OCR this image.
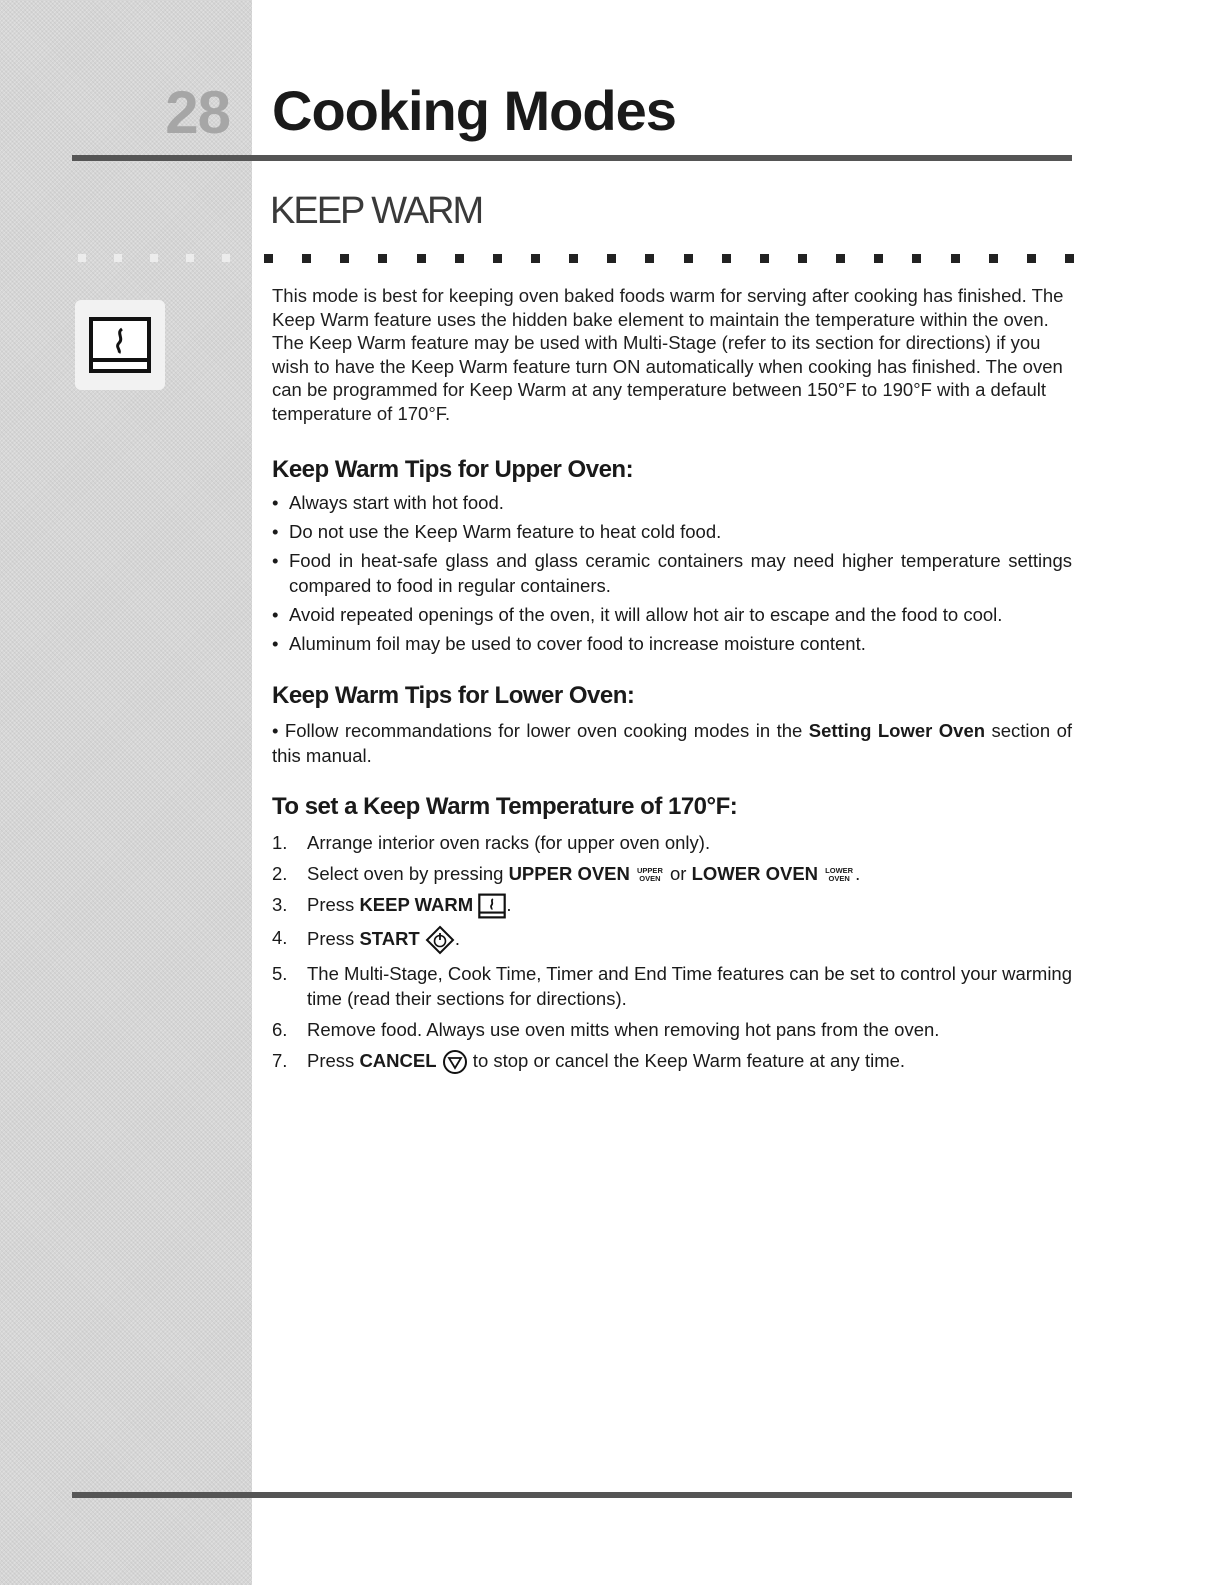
28 Cooking Modes
KEEP WARM

This mode is best for keeping oven baked foods warm for serving after cooking has finished. The Keep Warm feature uses the hidden bake element to maintain the temperature within the oven. The Keep Warm feature may be used with Multi-Stage (refer to its section for directions) if you wish to have the Keep Warm feature turn ON automatically when cooking has finished. The oven can be programmed for Keep Warm at any temperature between 150°F to 190°F with a default temperature of 170°F.

Keep Warm Tips for Upper Oven:
• Always start with hot food.
• Do not use the Keep Warm feature to heat cold food.
• Food in heat-safe glass and glass ceramic containers may need higher temperature settings compared to food in regular containers.
• Avoid repeated openings of the oven, it will allow hot air to escape and the food to cool.
• Aluminum foil may be used to cover food to increase moisture content.
Keep Warm Tips for Lower Oven:

• Follow recommandations for lower oven cooking modes in the Setting Lower Oven section of this manual.

To set a Keep Warm Temperature of 170°F:
1. Arrange interior oven racks (for upper oven only).
2. Select oven by pressing UPPER OVEN UPPER
OVEN or LOWER OVEN LOWER
OVEN .
3. Press KEEP WARM .
4. Press START .
5. The Multi-Stage, Cook Time, Timer and End Time features can be set to control your warming time (read their sections for directions).
6. Remove food. Always use oven mitts when removing hot pans from the oven.
7. Press CANCEL  to stop or cancel the Keep Warm feature at any time.
